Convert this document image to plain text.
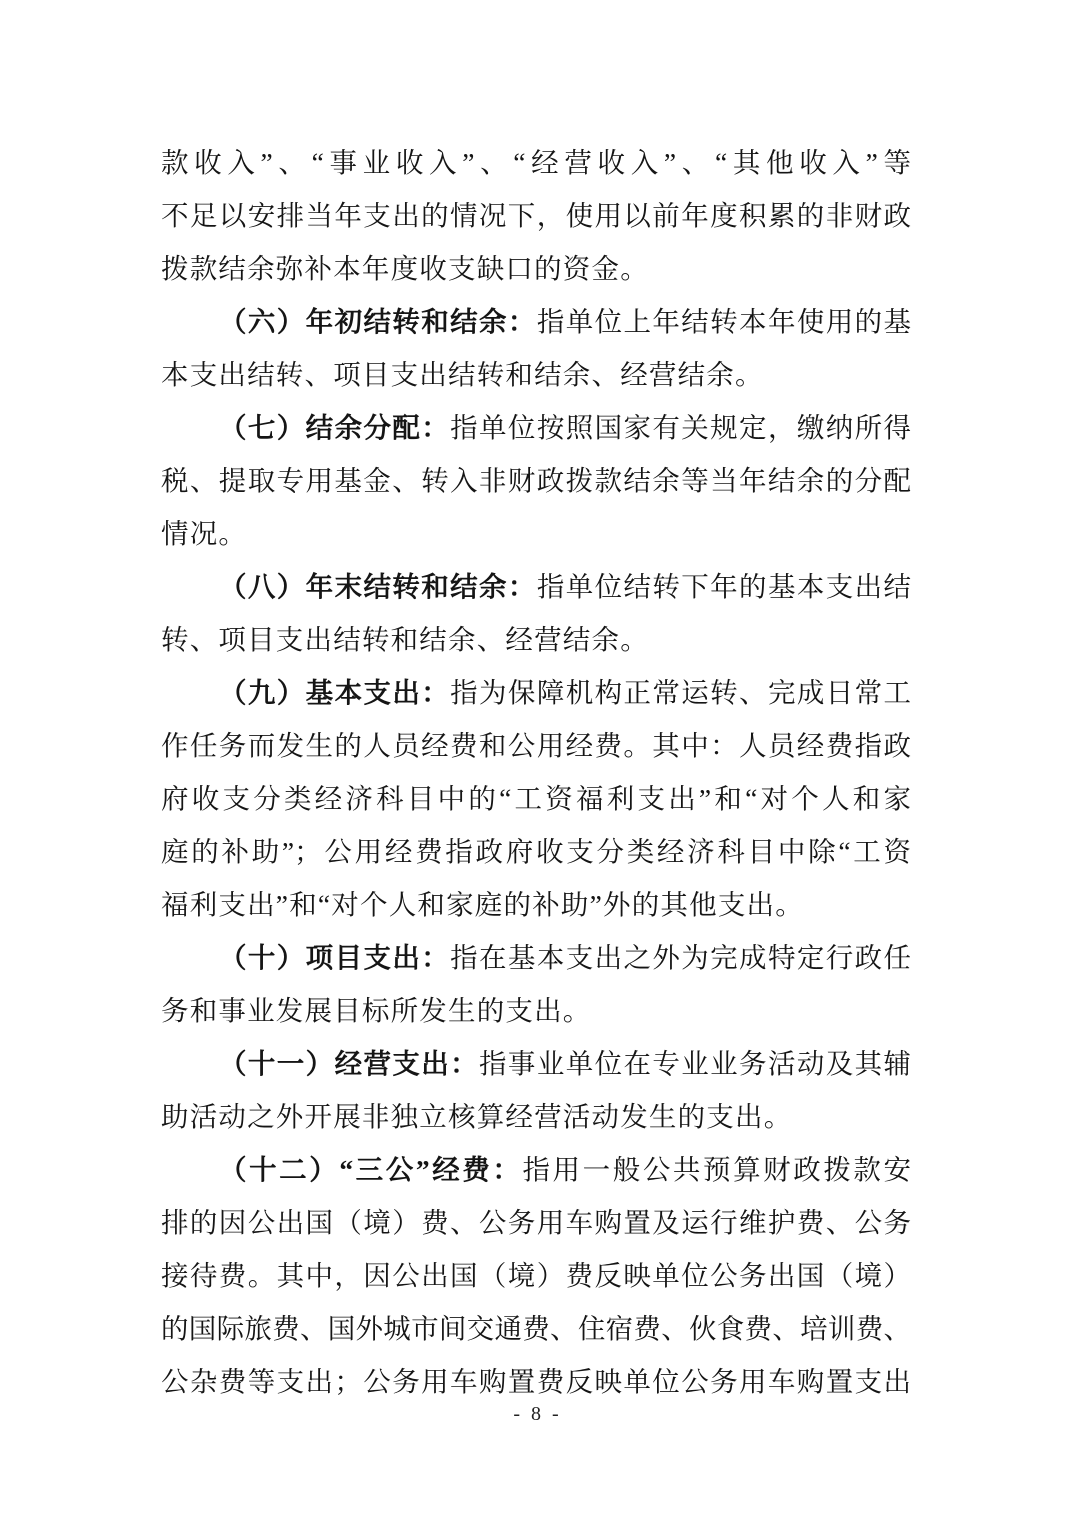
款收入”、“事业收入”、“经营收入”、“其他收入”等
不足以安排当年支出的情况下，使用以前年度积累的非财政
拨款结余弥补本年度收支缺口的资金。
（六）年初结转和结余：指单位上年结转本年使用的基
本支出结转、项目支出结转和结余、经营结余。
（七）结余分配：指单位按照国家有关规定，缴纳所得
税、提取专用基金、转入非财政拨款结余等当年结余的分配
情况。
（八）年末结转和结余：指单位结转下年的基本支出结
转、项目支出结转和结余、经营结余。
（九）基本支出：指为保障机构正常运转、完成日常工
作任务而发生的人员经费和公用经费。其中：人员经费指政
府收支分类经济科目中的“工资福利支出”和“对个人和家
庭的补助”；公用经费指政府收支分类经济科目中除“工资
福利支出”和“对个人和家庭的补助”外的其他支出。
（十）项目支出：指在基本支出之外为完成特定行政任
务和事业发展目标所发生的支出。
（十一）经营支出：指事业单位在专业业务活动及其辅
助活动之外开展非独立核算经营活动发生的支出。
（十二）“三公”经费：指用一般公共预算财政拨款安
排的因公出国（境）费、公务用车购置及运行维护费、公务
接待费。其中，因公出国（境）费反映单位公务出国（境）
的国际旅费、国外城市间交通费、住宿费、伙食费、培训费、
公杂费等支出；公务用车购置费反映单位公务用车购置支出
- 8 -
